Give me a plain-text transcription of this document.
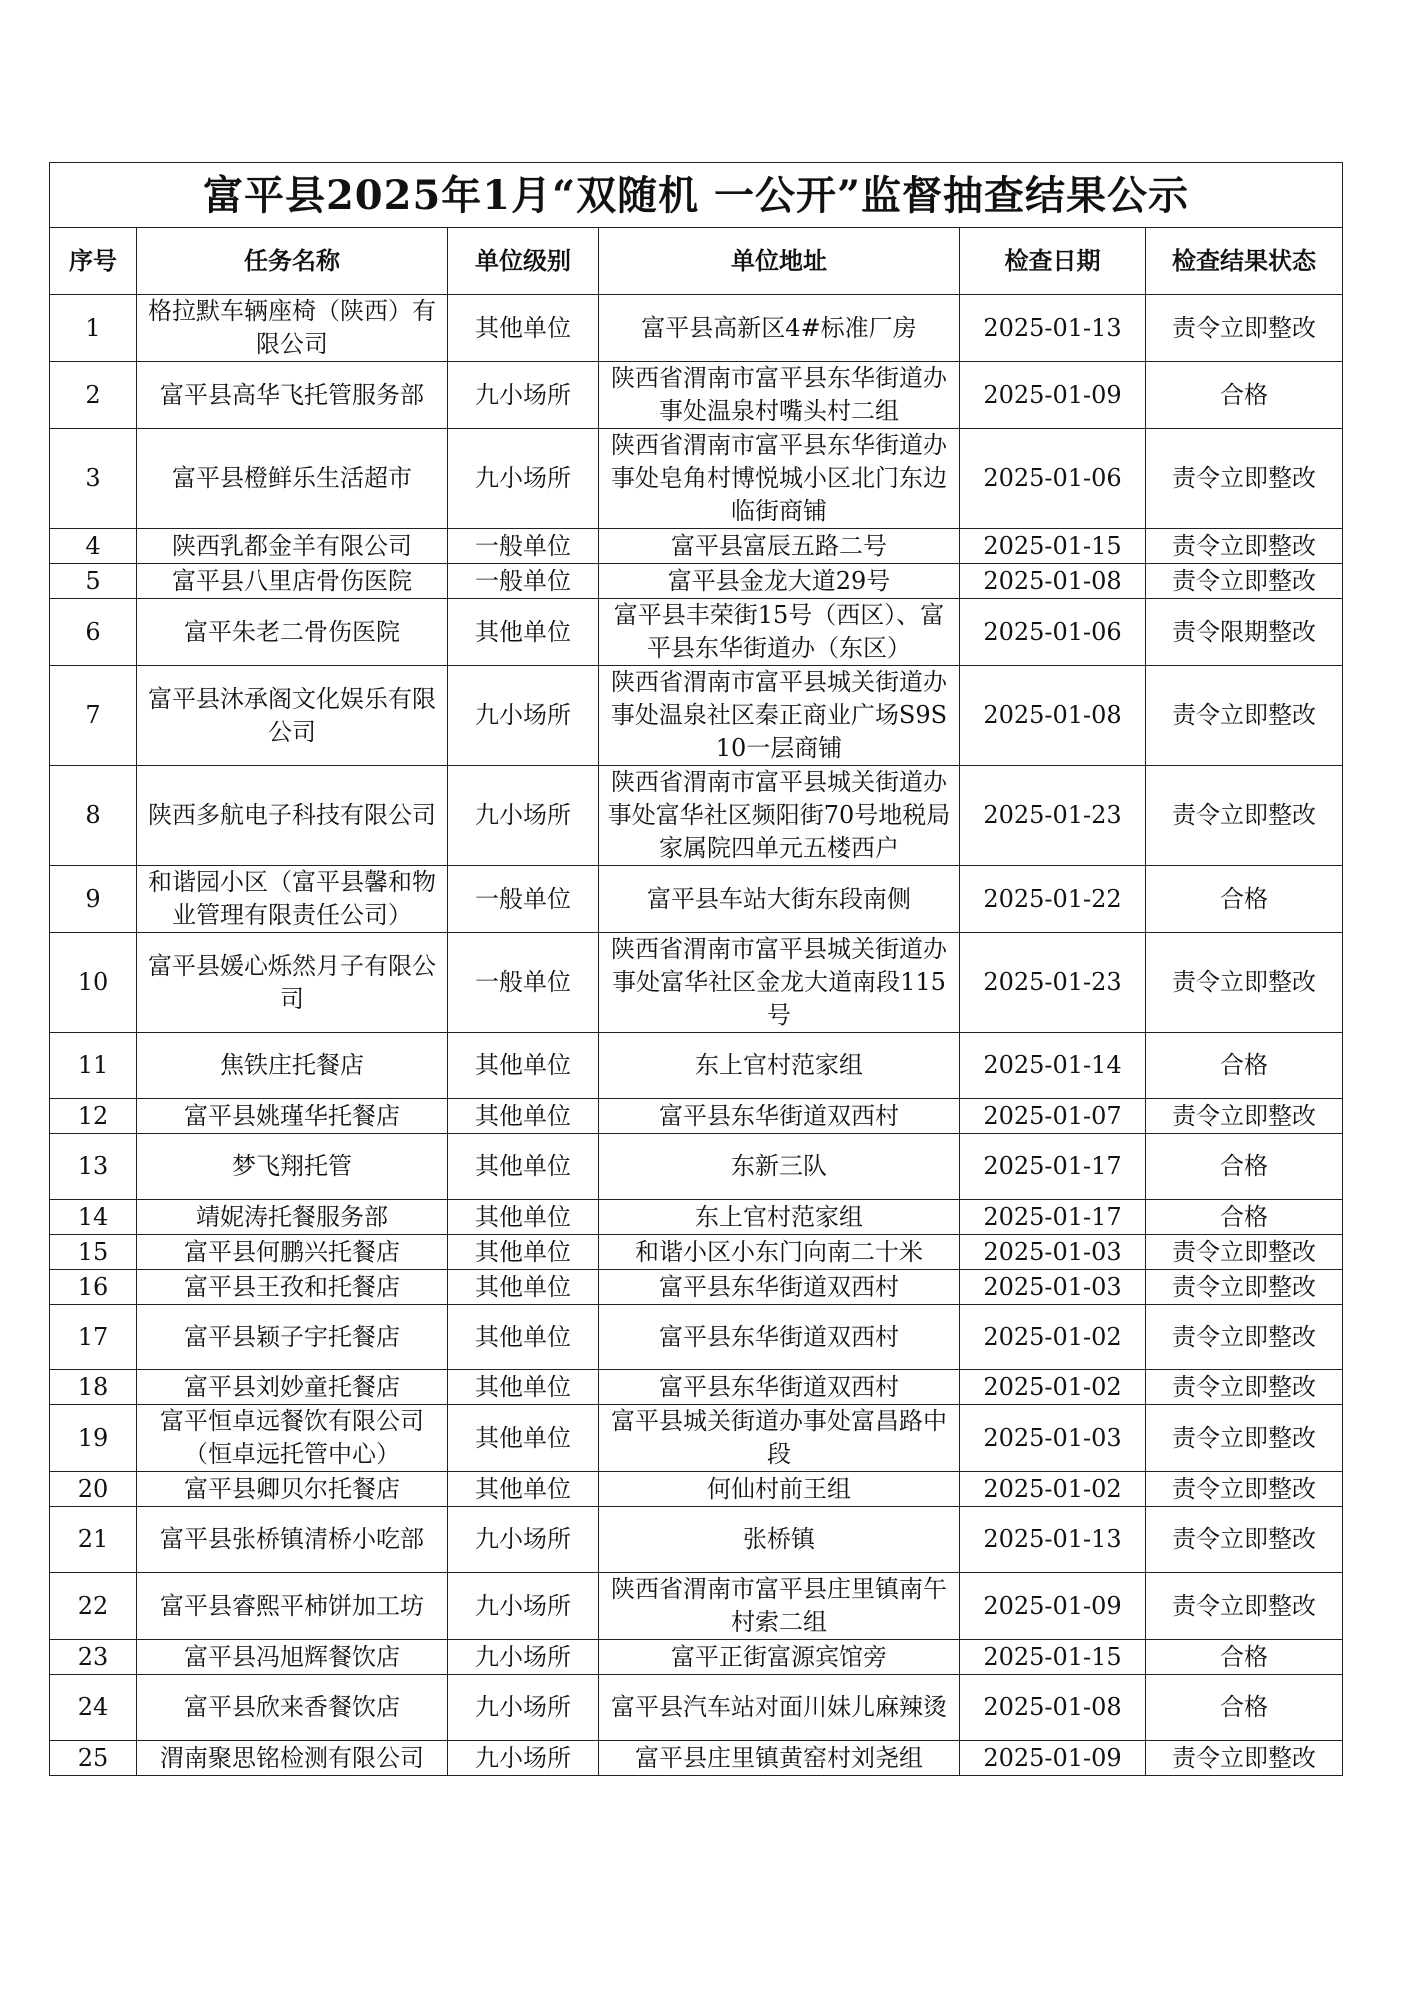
富平县2025年1月“双随机 一公开”监督抽查结果公示					
序号	任务名称	单位级别	单位地址	检查日期	检查结果状态
1	格拉默车辆座椅（陕西）有限公司	其他单位	富平县高新区4#标准厂房	2025-01-13	责令立即整改
2	富平县高华飞托管服务部	九小场所	陕西省渭南市富平县东华街道办事处温泉村嘴头村二组	2025-01-09	合格
3	富平县橙鲜乐生活超市	九小场所	陕西省渭南市富平县东华街道办事处皂角村博悦城小区北门东边临街商铺	2025-01-06	责令立即整改
4	陕西乳都金羊有限公司	一般单位	富平县富辰五路二号	2025-01-15	责令立即整改
5	富平县八里店骨伤医院	一般单位	富平县金龙大道29号	2025-01-08	责令立即整改
6	富平朱老二骨伤医院	其他单位	富平县丰荣街15号（西区）、富平县东华街道办（东区）	2025-01-06	责令限期整改
7	富平县沐承阁文化娱乐有限公司	九小场所	陕西省渭南市富平县城关街道办事处温泉社区秦正商业广场S9S10一层商铺	2025-01-08	责令立即整改
8	陕西多航电子科技有限公司	九小场所	陕西省渭南市富平县城关街道办事处富华社区频阳街70号地税局家属院四单元五楼西户	2025-01-23	责令立即整改
9	和谐园小区（富平县馨和物业管理有限责任公司）	一般单位	富平县车站大街东段南侧	2025-01-22	合格
10	富平县媛心烁然月子有限公司	一般单位	陕西省渭南市富平县城关街道办事处富华社区金龙大道南段115号	2025-01-23	责令立即整改
11	焦铁庄托餐店	其他单位	东上官村范家组	2025-01-14	合格
12	富平县姚瑾华托餐店	其他单位	富平县东华街道双西村	2025-01-07	责令立即整改
13	梦飞翔托管	其他单位	东新三队	2025-01-17	合格
14	靖妮涛托餐服务部	其他单位	东上官村范家组	2025-01-17	合格
15	富平县何鹏兴托餐店	其他单位	和谐小区小东门向南二十米	2025-01-03	责令立即整改
16	富平县王孜和托餐店	其他单位	富平县东华街道双西村	2025-01-03	责令立即整改
17	富平县颖子宇托餐店	其他单位	富平县东华街道双西村	2025-01-02	责令立即整改
18	富平县刘妙童托餐店	其他单位	富平县东华街道双西村	2025-01-02	责令立即整改
19	富平恒卓远餐饮有限公司（恒卓远托管中心）	其他单位	富平县城关街道办事处富昌路中段	2025-01-03	责令立即整改
20	富平县卿贝尔托餐店	其他单位	何仙村前王组	2025-01-02	责令立即整改
21	富平县张桥镇清桥小吃部	九小场所	张桥镇	2025-01-13	责令立即整改
22	富平县睿熙平柿饼加工坊	九小场所	陕西省渭南市富平县庄里镇南午村索二组	2025-01-09	责令立即整改
23	富平县冯旭辉餐饮店	九小场所	富平正街富源宾馆旁	2025-01-15	合格
24	富平县欣来香餐饮店	九小场所	富平县汽车站对面川妹儿麻辣烫	2025-01-08	合格
25	渭南聚思铭检测有限公司	九小场所	富平县庄里镇黄窑村刘尧组	2025-01-09	责令立即整改
